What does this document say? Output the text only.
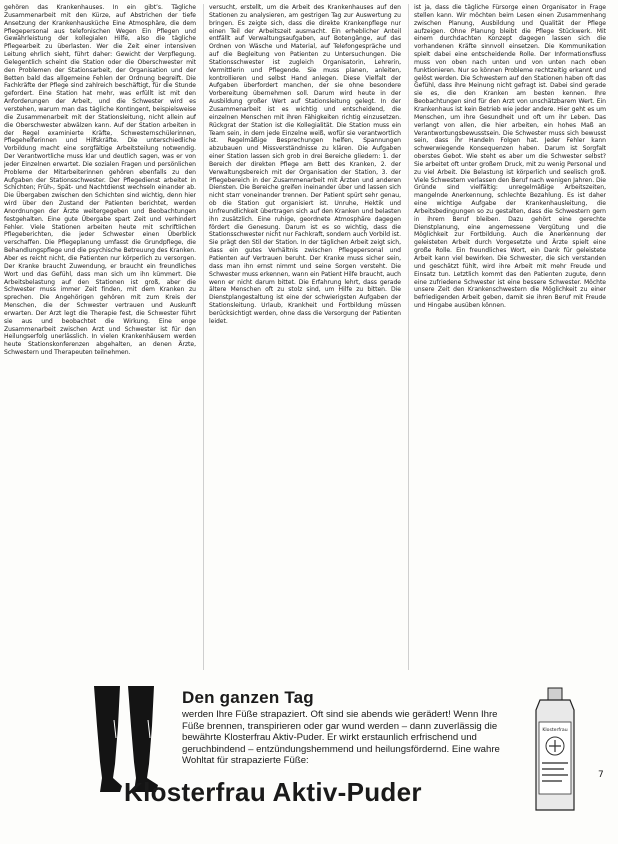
gehören das Krankenhauses. In ein gibt’s. Tägliche Zusammenarbeit mit den Kürze, auf Abstrichen der tiefe Ansetzung der Krankenhausküche Eine Atmosphäre, die dem Pflegepersonal aus telefonischen Wegen Ein Pflegen und Gewährleistung der kollegialen Hilfe, also die tägliche Pflegearbeit zu überlasten. Wer die Zeit einer intensiven Leitung ehrlich sieht, führt daher: Gewicht der Verpflegung. Gelegentlich scheint die Station oder die Oberschwester mit den Problemen der Stationsarbeit, der Organisation und der Betten bald das allgemeine Fehlen der Ordnung begreift. Die Fachkräfte der Pflege sind zahlreich beschäftigt, für die Stunde gefordert. Eine Station hat mehr, was erfüllt ist mit den Anforderungen der Arbeit, und die Schwester wird es verstehen, warum man das tägliche Kontingent, beispielsweise die Zusammenarbeit mit der Stationsleitung, nicht allein auf die Oberschwester abwälzen kann. Auf der Station arbeiten in der Regel examinierte Kräfte, Schwesternschülerinnen, Pflegehelferinnen und Hilfskräfte. Die unterschiedliche Vorbildung macht eine sorgfältige Arbeitsteilung notwendig. Der Verantwortliche muss klar und deutlich sagen, was er von jeder Einzelnen erwartet. Die sozialen Fragen und persönlichen Probleme der Mitarbeiterinnen gehören ebenfalls zu den Aufgaben der Stationsschwester. Der Pflegedienst arbeitet in Schichten; Früh-, Spät- und Nachtdienst wechseln einander ab. Die Übergaben zwischen den Schichten sind wichtig, denn hier wird über den Zustand der Patienten berichtet, werden Anordnungen der Ärzte weitergegeben und Beobachtungen festgehalten. Eine gute Übergabe spart Zeit und verhindert Fehler. Viele Stationen arbeiten heute mit schriftlichen Pflegeberichten, die jeder Schwester einen Überblick verschaffen. Die Pflegeplanung umfasst die Grundpflege, die Behandlungspflege und die psychische Betreuung des Kranken. Aber es reicht nicht, die Patienten nur körperlich zu versorgen. Der Kranke braucht Zuwendung, er braucht ein freundliches Wort und das Gefühl, dass man sich um ihn kümmert. Die Arbeitsbelastung auf den Stationen ist groß, aber die Schwester muss immer Zeit finden, mit dem Kranken zu sprechen. Die Angehörigen gehören mit zum Kreis der Menschen, die der Schwester vertrauen und Auskunft erwarten. Der Arzt legt die Therapie fest, die Schwester führt sie aus und beobachtet die Wirkung. Eine enge Zusammenarbeit zwischen Arzt und Schwester ist für den Heilungserfolg unerlässlich. In vielen Krankenhäusern werden heute Stationskonferenzen abgehalten, an denen Ärzte, Schwestern und Therapeuten teilnehmen.

versucht, erstellt, um die Arbeit des Krankenhauses auf den Stationen zu analysieren, am gestrigen Tag zur Auswertung zu bringen. Es zeigte sich, dass die direkte Krankenpflege nur einen Teil der Arbeitszeit ausmacht. Ein erheblicher Anteil entfällt auf Verwaltungsaufgaben, auf Botengänge, auf das Ordnen von Wäsche und Material, auf Telefongespräche und auf die Begleitung von Patienten zu Untersuchungen. Die Stationsschwester ist zugleich Organisatorin, Lehrerin, Vermittlerin und Pflegende. Sie muss planen, anleiten, kontrollieren und selbst Hand anlegen. Diese Vielfalt der Aufgaben überfordert manchen, der sie ohne besondere Vorbereitung übernehmen soll. Darum wird heute in der Ausbildung großer Wert auf Stationsleitung gelegt. In der Zusammenarbeit ist es wichtig und entscheidend, die einzelnen Menschen mit ihren Fähigkeiten richtig einzusetzen. Rückgrat der Station ist die Kollegialität. Die Station muss ein Team sein, in dem jede Einzelne weiß, wofür sie verantwortlich ist. Regelmäßige Besprechungen helfen, Spannungen abzubauen und Missverständnisse zu klären. Die Aufgaben einer Station lassen sich grob in drei Bereiche gliedern: 1. der Bereich der direkten Pflege am Bett des Kranken, 2. der Verwaltungsbereich mit der Organisation der Station, 3. der Pflegebereich in der Zusammenarbeit mit Ärzten und anderen Diensten. Die Bereiche greifen ineinander über und lassen sich nicht starr voneinander trennen. Der Patient spürt sehr genau, ob die Station gut organisiert ist. Unruhe, Hektik und Unfreundlichkeit übertragen sich auf den Kranken und belasten ihn zusätzlich. Eine ruhige, geordnete Atmosphäre dagegen fördert die Genesung. Darum ist es so wichtig, dass die Stationsschwester nicht nur Fachkraft, sondern auch Vorbild ist. Sie prägt den Stil der Station. In der täglichen Arbeit zeigt sich, dass ein gutes Verhältnis zwischen Pflegepersonal und Patienten auf Vertrauen beruht. Der Kranke muss sicher sein, dass man ihn ernst nimmt und seine Sorgen versteht. Die Schwester muss erkennen, wann ein Patient Hilfe braucht, auch wenn er nicht darum bittet. Die Erfahrung lehrt, dass gerade ältere Menschen oft zu stolz sind, um Hilfe zu bitten. Die Dienstplangestaltung ist eine der schwierigsten Aufgaben der Stationsleitung. Urlaub, Krankheit und Fortbildung müssen berücksichtigt werden, ohne dass die Versorgung der Patienten leidet.

ist ja, dass die tägliche Fürsorge einen Organisator in Frage stellen kann. Wir möchten beim Lesen einen Zusammenhang zwischen Planung, Ausbildung und Qualität der Pflege aufzeigen. Ohne Planung bleibt die Pflege Stückwerk. Mit einem durchdachten Konzept dagegen lassen sich die vorhandenen Kräfte sinnvoll einsetzen. Die Kommunikation spielt dabei eine entscheidende Rolle. Der Informationsfluss muss von oben nach unten und von unten nach oben funktionieren. Nur so können Probleme rechtzeitig erkannt und gelöst werden. Die Schwestern auf den Stationen haben oft das Gefühl, dass ihre Meinung nicht gefragt ist. Dabei sind gerade sie es, die den Kranken am besten kennen. Ihre Beobachtungen sind für den Arzt von unschätzbarem Wert. Ein Krankenhaus ist kein Betrieb wie jeder andere. Hier geht es um Menschen, um ihre Gesundheit und oft um ihr Leben. Das verlangt von allen, die hier arbeiten, ein hohes Maß an Verantwortungsbewusstsein. Die Schwester muss sich bewusst sein, dass ihr Handeln Folgen hat. Jeder Fehler kann schwerwiegende Konsequenzen haben. Darum ist Sorgfalt oberstes Gebot. Wie steht es aber um die Schwester selbst? Sie arbeitet oft unter großem Druck, mit zu wenig Personal und zu viel Arbeit. Die Belastung ist körperlich und seelisch groß. Viele Schwestern verlassen den Beruf nach wenigen Jahren. Die Gründe sind vielfältig: unregelmäßige Arbeitszeiten, mangelnde Anerkennung, schlechte Bezahlung. Es ist daher eine wichtige Aufgabe der Krankenhausleitung, die Arbeitsbedingungen so zu gestalten, dass die Schwestern gern in ihrem Beruf bleiben. Dazu gehört eine gerechte Dienstplanung, eine angemessene Vergütung und die Möglichkeit zur Fortbildung. Auch die Anerkennung der geleisteten Arbeit durch Vorgesetzte und Ärzte spielt eine große Rolle. Ein freundliches Wort, ein Dank für geleistete Arbeit kann viel bewirken. Die Schwester, die sich verstanden und geschätzt fühlt, wird ihre Arbeit mit mehr Freude und Einsatz tun. Letztlich kommt das den Patienten zugute, denn eine zufriedene Schwester ist eine bessere Schwester. Möchte unsere Zeit den Krankenschwestern die Möglichkeit zu einer befriedigenden Arbeit geben, damit sie ihren Beruf mit Freude und Hingabe ausüben können.

Den ganzen Tag

werden Ihre Füße strapaziert. Oft sind sie abends wie gerädert! Wenn Ihre Füße brennen, transpirieren oder gar wund werden – dann zuverlässig die bewährte Klosterfrau Aktiv-Puder. Er wirkt erstaunlich erfrischend und geruchbindend – entzündungshemmend und heilungsfördernd. Eine wahre Wohltat für strapazierte Füße:

Klosterfrau Aktiv-Puder
Klosterfrau
7
